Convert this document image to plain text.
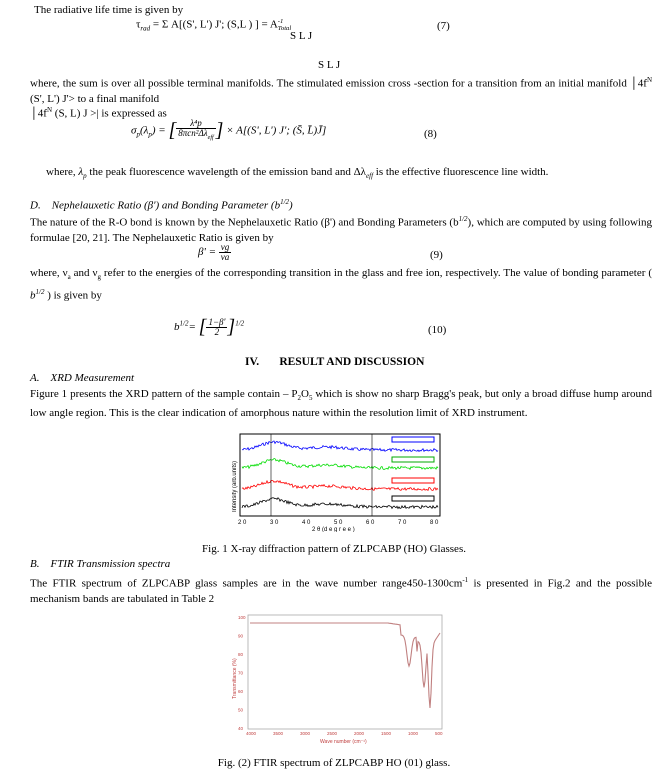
The radiative life time is given by
$\tau_{rad} = \Sigma$ A[(S', L') J'; (S,L ) ] = A -1
Total
S L J
(7)
S L J
where, the sum is over all possible terminal manifolds. The stimulated emission cross -section for a transition from an initial manifold $│4f^N$ (S', L') J'> to a final manifold
$│4f^N$ (S, L) J >| is expressed as
$\sigma_p(\lambda_p)$ = [ $\frac{\text{λ⁴p}}{8\pi cn^2\Delta\lambda_{eff}}$ ] × A[(S', L') J'; (S̄, L̄)J̄]	(8)
where, $\lambda_p$ the peak fluorescence wavelength of the emission band and $\Delta\lambda_{eff}$ is the effective fluorescence line width.
D. Nephelauxetic Ratio (β') and Bonding Parameter $(b^{1/2})$
The nature of the R-O bond is known by the Nephelauxetic Ratio (β') and Bonding Parameters $(b^{1/2})$, which are computed by using following formulae [20, 21]. The Nephelauxetic Ratio is given by
$\beta' = \frac{\nu g}{\nu a}$	(9)
where, $\nu_a$ and $\nu_g$ refer to the energies of the corresponding transition in the glass and free ion, respectively. The value of bonding parameter ( $b^{1/2}$ ) is given by
$b^{1/2}=$ [ $\frac{1-\beta'}{2} ]^{1/2}$
(10)
IV. RESULT AND DISCUSSION
A. XRD Measurement
Figure 1 presents the XRD pattern of the sample contain – $P_2O_5$ which is show no sharp Bragg's peak, but only a broad diffuse hump around low angle region. This is the clear indication of amorphous nature within the resolution limit of XRD instrument.
Intensity (arb.units)
2 0	3 0	4 0	5 0	6 0	7 0	8 0
2 θ (d e g r e e )
Fig. 1 X-ray diffraction pattern of ZLPCABP (HO) Glasses.
B. FTIR Transmission spectra
The FTIR spectrum of ZLPCABP glass samples are in the wave number $range450-1300cm^{-1}$ is presented in Fig.2 and the possible mechanism bands are tabulated in Table 2
100
90
80
70
60
50
40
4000	3500	3000	2500	2000	1500	1000	500
Transmittance (%)
Wave number (cm⁻¹)
Fig. (2) FTIR spectrum of ZLPCABP HO (01) glass.
